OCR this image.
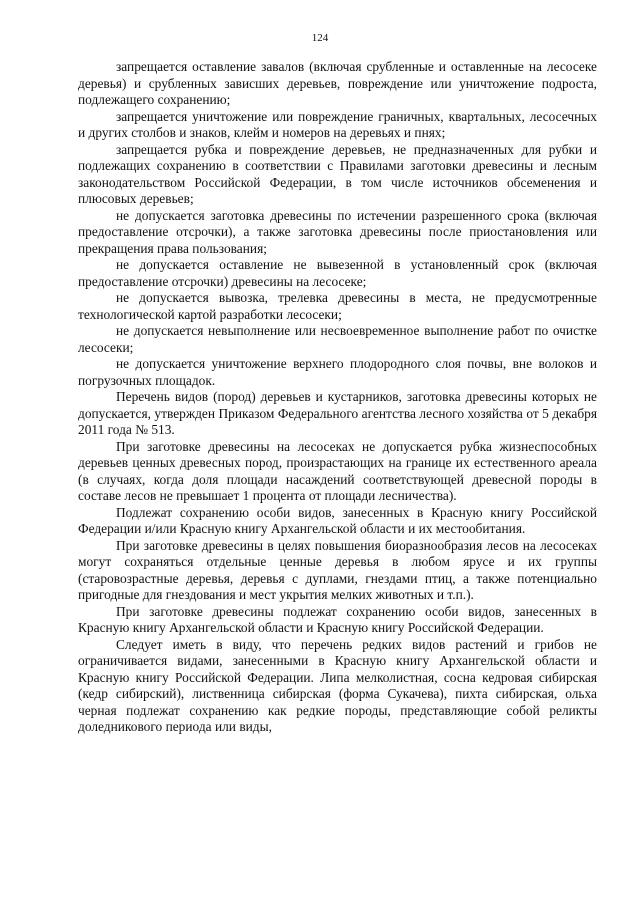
124

запрещается оставление завалов (включая срубленные и оставленные на лесосеке деревья) и срубленных зависших деревьев, повреждение или уничтожение подроста, подлежащего сохранению;

запрещается уничтожение или повреждение граничных, квартальных, лесосечных и других столбов и знаков, клейм и номеров на деревьях и пнях;

запрещается рубка и повреждение деревьев, не предназначенных для рубки и подлежащих сохранению в соответствии с Правилами заготовки древесины и лесным законодательством Российской Федерации, в том числе источников обсеменения и плюсовых деревьев;

не допускается заготовка древесины по истечении разрешенного срока (включая предоставление отсрочки), а также заготовка древесины после приостановления или прекращения права пользования;

не допускается оставление не вывезенной в установленный срок (включая предоставление отсрочки) древесины на лесосеке;

не допускается вывозка, трелевка древесины в места, не предусмотренные технологической картой разработки лесосеки;

не допускается невыполнение или несвоевременное выполнение работ по очистке лесосеки;

не допускается уничтожение верхнего плодородного слоя почвы, вне волоков и погрузочных площадок.

Перечень видов (пород) деревьев и кустарников, заготовка древесины которых не допускается, утвержден Приказом Федерального агентства лесного хозяйства от 5 декабря 2011 года № 513.

При заготовке древесины на лесосеках не допускается рубка жизнеспособных деревьев ценных древесных пород, произрастающих на границе их естественного ареала (в случаях, когда доля площади насаждений соответствующей древесной породы в составе лесов не превышает 1 процента от площади лесничества).

Подлежат сохранению особи видов, занесенных в Красную книгу Российской Федерации и/или Красную книгу Архангельской области и их местообитания.

При заготовке древесины в целях повышения биоразнообразия лесов на лесосеках могут сохраняться отдельные ценные деревья в любом ярусе и их группы (старовозрастные деревья, деревья с дуплами, гнездами птиц, а также потенциально пригодные для гнездования и мест укрытия мелких животных и т.п.).

При заготовке древесины подлежат сохранению особи видов, занесенных в Красную книгу Архангельской области и Красную книгу Российской Федерации.

Следует иметь в виду, что перечень редких видов растений и грибов не ограничивается видами, занесенными в Красную книгу Архангельской области и Красную книгу Российской Федерации. Липа мелколистная, сосна кедровая сибирская (кедр сибирский), лиственница сибирская (форма Сукачева), пихта сибирская, ольха черная подлежат сохранению как редкие породы, представляющие собой реликты доледникового периода или виды,
